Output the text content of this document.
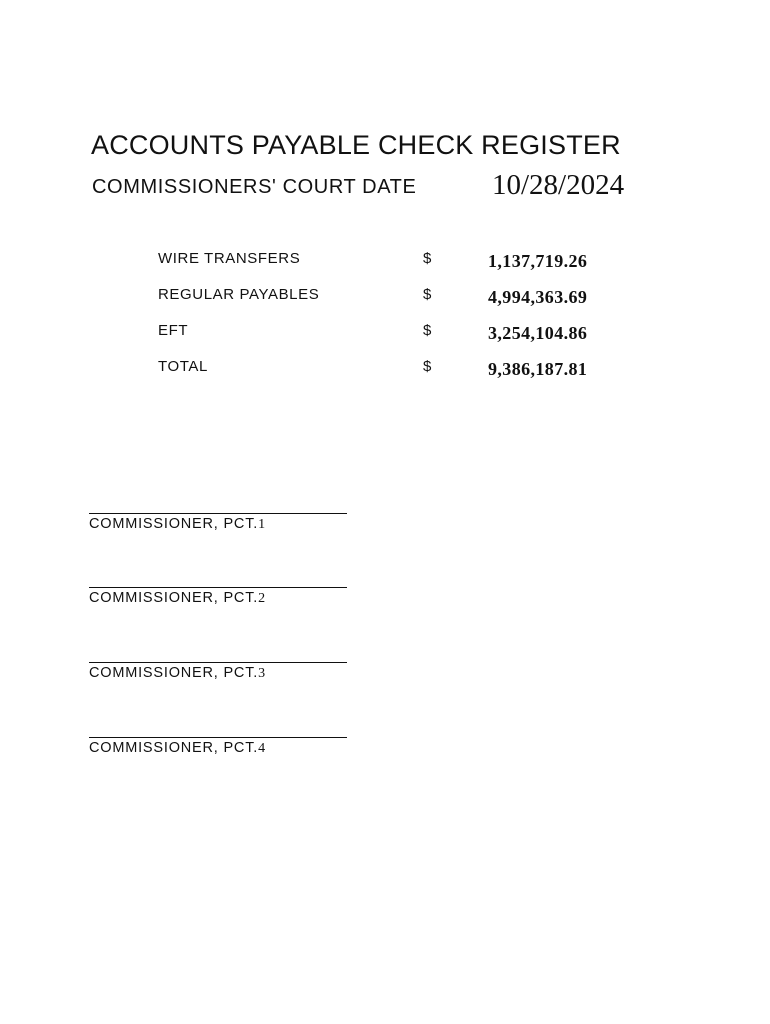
ACCOUNTS PAYABLE CHECK REGISTER
COMMISSIONERS' COURT DATE	10/28/2024
WIRE TRANSFERS	$	1,137,719.26
REGULAR PAYABLES	$	4,994,363.69
EFT	$	3,254,104.86
TOTAL	$	9,386,187.81
COMMISSIONER, PCT.1
COMMISSIONER, PCT.2
COMMISSIONER, PCT.3
COMMISSIONER, PCT.4
